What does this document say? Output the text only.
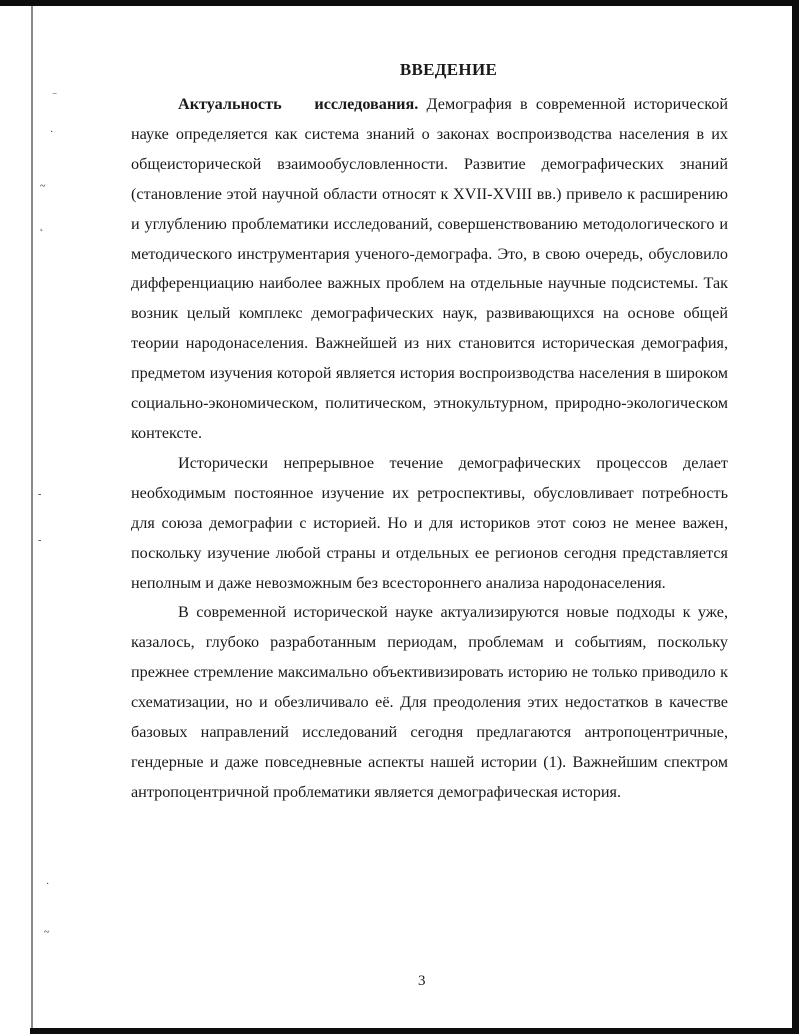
⁻
·
~
˛
-
-
·
~
ВВЕДЕНИЕ

Актуальность    исследования. Демография в современной исторической науке определяется как система знаний о законах воспроизводства населения в их общеисторической взаимообусловленности. Развитие демографических знаний (становление этой научной области относят к XVII-XVIII вв.) привело к расширению и углублению проблематики исследований, совершенствованию методологического и методического инструментария ученого-демографа. Это, в свою очередь, обусловило дифференциацию наиболее важных проблем на отдельные научные подсистемы. Так возник целый комплекс демографических наук, развивающихся на основе общей теории народонаселения. Важнейшей из них становится историческая демография, предметом изучения которой является история воспроизводства населения в широком социально-экономическом, политическом, этнокультурном, природно-экологическом контексте.

Исторически непрерывное течение демографических процессов делает необходимым постоянное изучение их ретроспективы, обусловливает потребность для союза демографии с историей. Но и для историков этот союз не менее важен, поскольку изучение любой страны и отдельных ее регионов сегодня представляется неполным и даже невозможным без всестороннего анализа народонаселения.

В современной исторической науке актуализируются новые подходы к уже, казалось, глубоко разработанным периодам, проблемам и событиям, поскольку прежнее стремление максимально объективизировать историю не только приводило к схематизации, но и обезличивало её. Для преодоления этих недостатков в качестве базовых направлений исследований сегодня предлагаются антропоцентричные, гендерные и даже повседневные аспекты нашей истории (1). Важнейшим спектром антропоцентричной проблематики является демографическая история.

3
